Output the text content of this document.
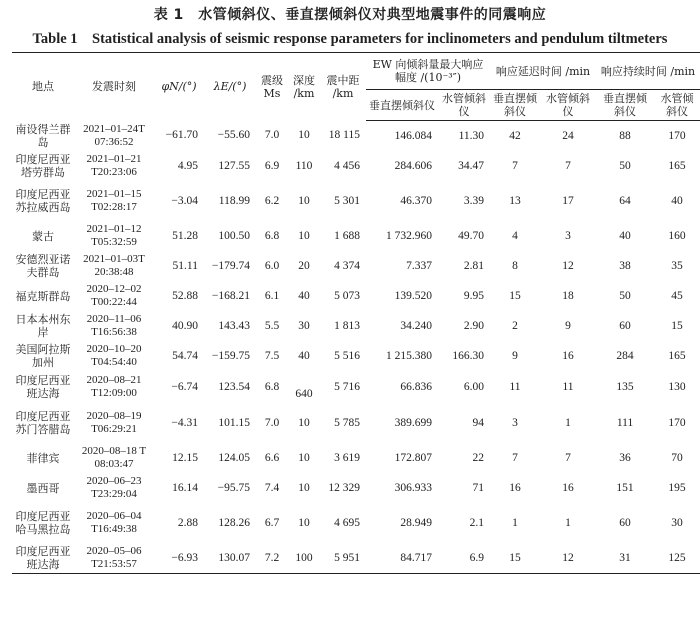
表 1　水管倾斜仪、垂直摆倾斜仪对典型地震事件的同震响应
Table 1　Statistical analysis of seismic response parameters for inclinometers and pendulum tiltmeters
地点	发震时刻	φN/(°)	λE/(°)	震级 Ms	深度 /km	震中距 /km	EW 向倾斜量最大响应幅度 /(10⁻³″)		响应延迟时间 /min		响应持续时间 /min	
							垂直摆倾斜仪	水管倾斜仪	垂直摆倾斜仪	水管倾斜仪	垂直摆倾斜仪	水管倾斜仪
南设得兰群岛	2021–01–24T 07:36:52	−61.70	−55.60	7.0	10	18 115	146.084	11.30	42	24	88	170
印度尼西亚塔劳群岛	2021–01–21 T20:23:06	4.95	127.55	6.9	110	4 456	284.606	34.47	7	7	50	165
印度尼西亚苏拉威西岛	2021–01–15 T02:28:17	−3.04	118.99	6.2	10	5 301	46.370	3.39	13	17	64	40
蒙古	2021–01–12 T05:32:59	51.28	100.50	6.8	10	1 688	1 732.960	49.70	4	3	40	160
安德烈亚诺夫群岛	2021–01–03T 20:38:48	51.11	−179.74	6.0	20	4 374	7.337	2.81	8	12	38	35
福克斯群岛	2020–12–02 T00:22:44	52.88	−168.21	6.1	40	5 073	139.520	9.95	15	18	50	45
日本本州东岸	2020–11–06 T16:56:38	40.90	143.43	5.5	30	1 813	34.240	2.90	2	9	60	15
美国阿拉斯加州	2020–10–20 T04:54:40	54.74	−159.75	7.5	40	5 516	1 215.380	166.30	9	16	284	165
印度尼西亚班达海	2020–08–21 T12:09:00	−6.74	123.54	6.8	640	5 716	66.836	6.00	11	11	135	130
印度尼西亚苏门答腊岛	2020–08–19 T06:29:21	−4.31	101.15	7.0	10	5 785	389.699	94	3	1	111	170
菲律宾	2020–08–18 T 08:03:47	12.15	124.05	6.6	10	3 619	172.807	22	7	7	36	70
墨西哥	2020–06–23 T23:29:04	16.14	−95.75	7.4	10	12 329	306.933	71	16	16	151	195
印度尼西亚哈马黑拉岛	2020–06–04 T16:49:38	2.88	128.26	6.7	10	4 695	28.949	2.1	1	1	60	30
印度尼西亚班达海	2020–05–06 T21:53:57	−6.93	130.07	7.2	100	5 951	84.717	6.9	15	12	31	125
